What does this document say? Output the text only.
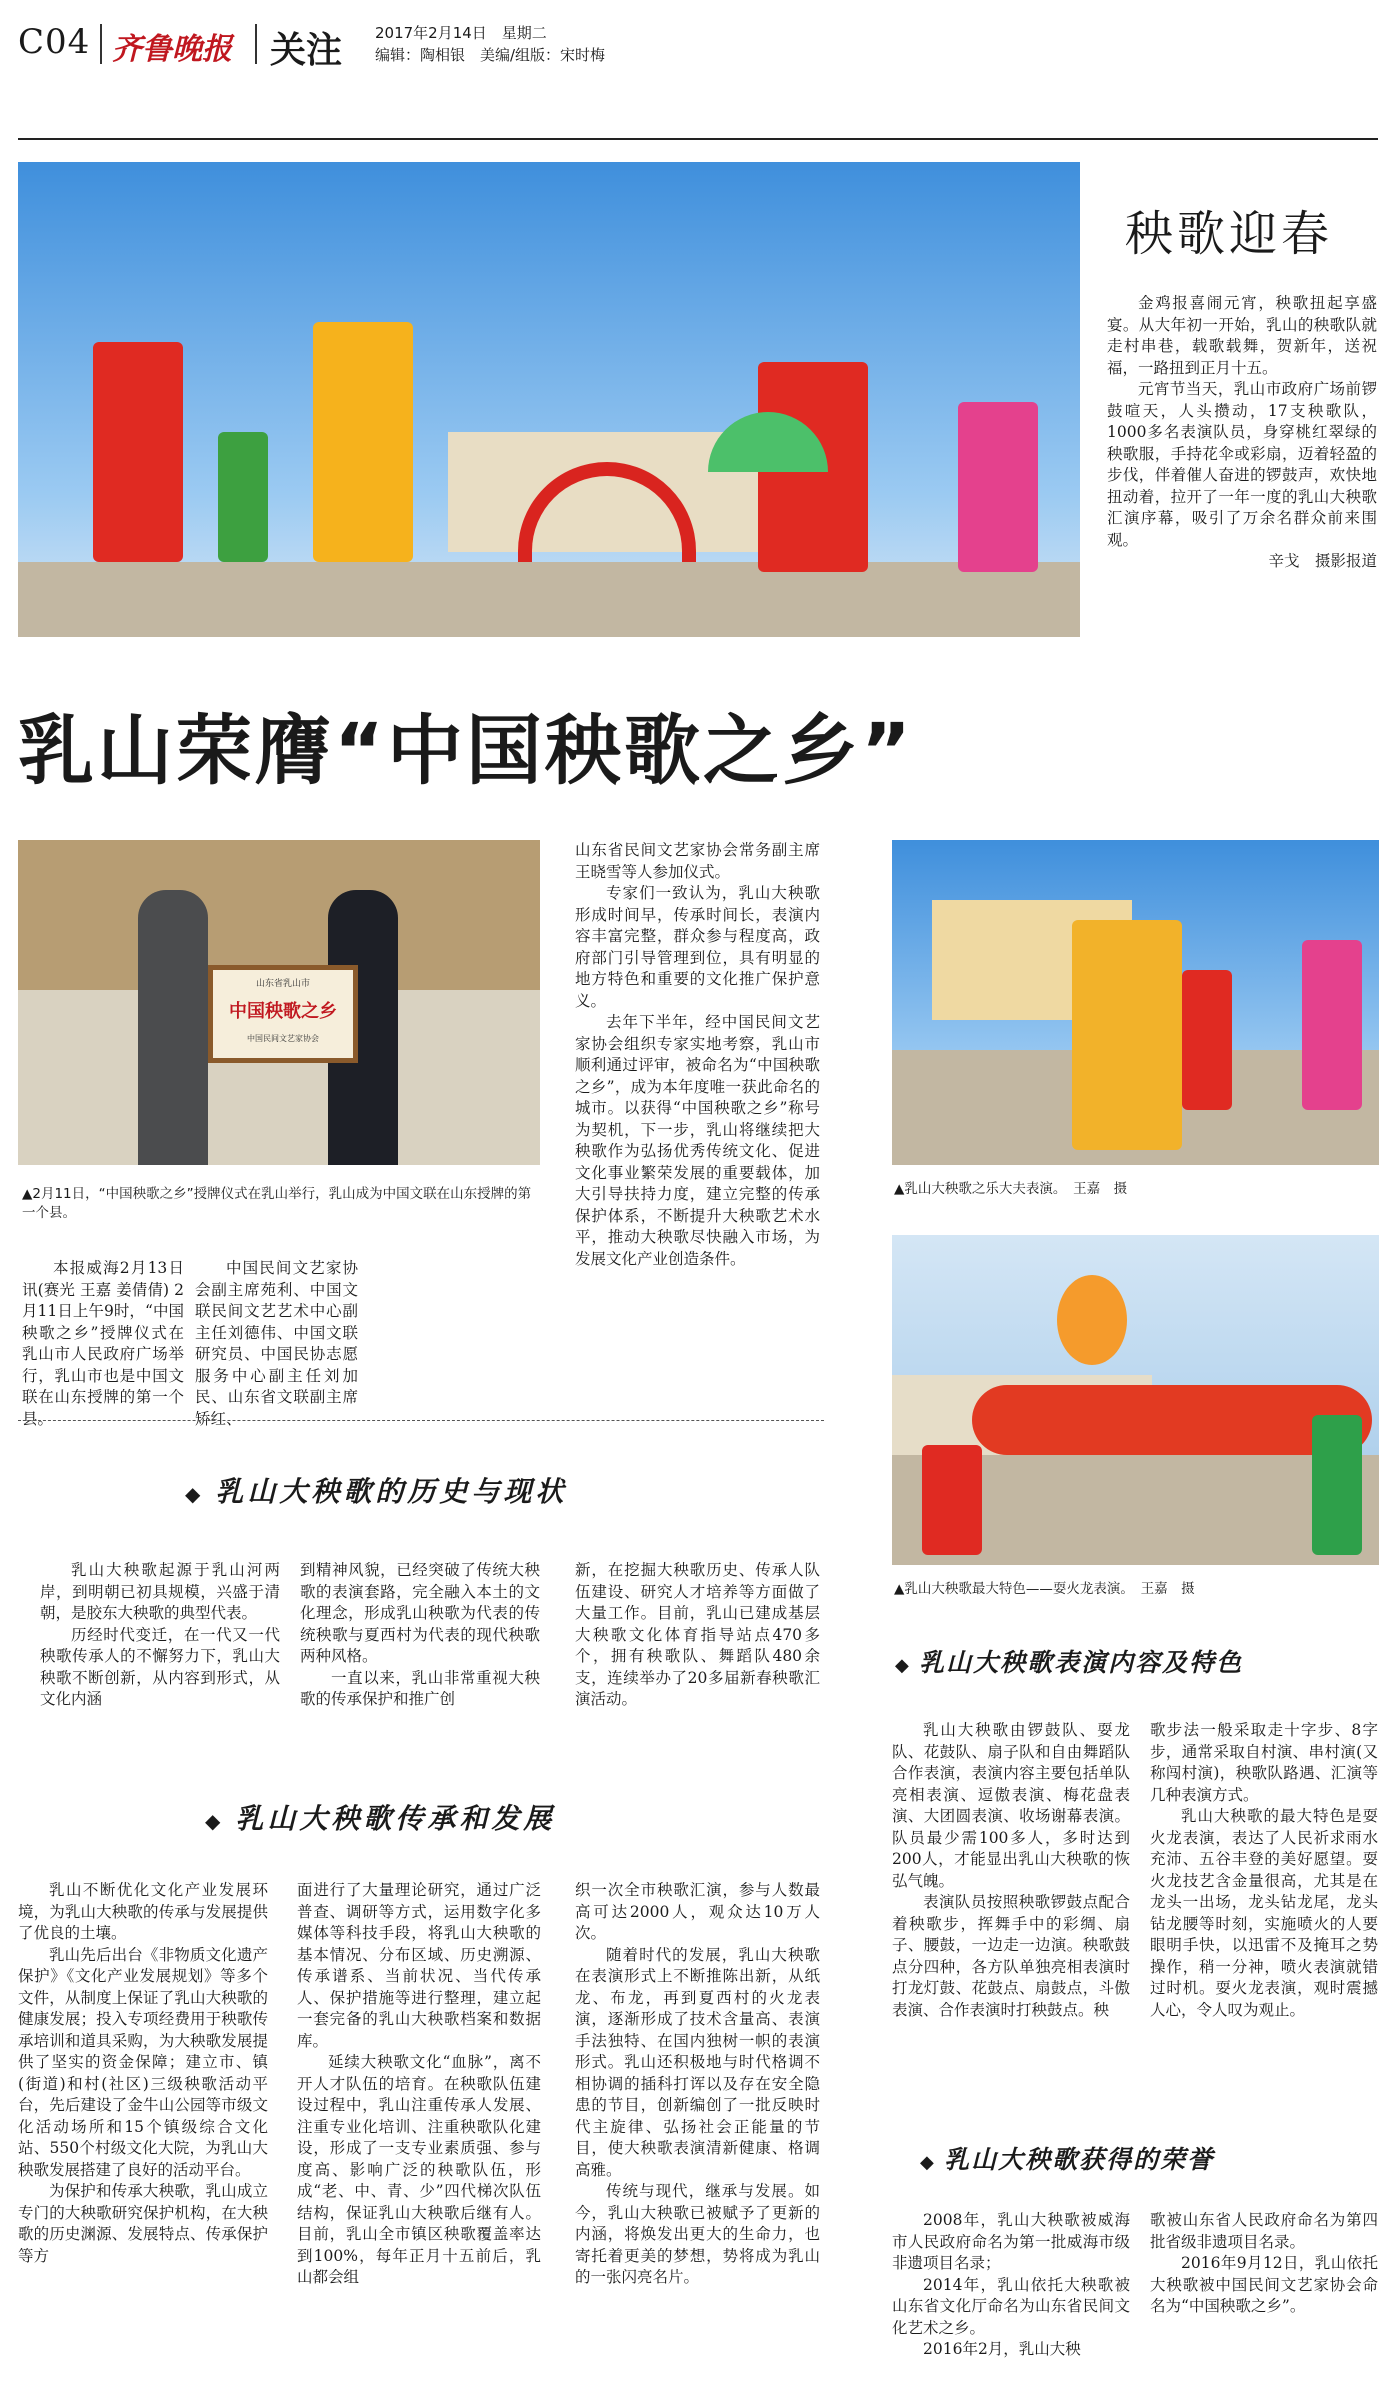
C04 齐鲁晚报 关注 2017年2月14日　星期二
编辑：陶相银　美编/组版：宋时梅
秧歌迎春

金鸡报喜闹元宵，秧歌扭起享盛宴。从大年初一开始，乳山的秧歌队就走村串巷，载歌载舞，贺新年，送祝福，一路扭到正月十五。

元宵节当天，乳山市政府广场前锣鼓喧天，人头攒动，17支秧歌队，1000多名表演队员，身穿桃红翠绿的秧歌服，手持花伞或彩扇，迈着轻盈的步伐，伴着催人奋进的锣鼓声，欢快地扭动着，拉开了一年一度的乳山大秧歌汇演序幕，吸引了万余名群众前来围观。

辛戈　摄影报道
乳山荣膺“中国秧歌之乡”
山东省乳山市
中国秧歌之乡
中国民间文艺家协会
▲2月11日，“中国秧歌之乡”授牌仪式在乳山举行，乳山成为中国文联在山东授牌的第一个县。

本报威海2月13日讯(赛光 王嘉 姜倩倩) 2月11日上午9时，“中国秧歌之乡”授牌仪式在乳山市人民政府广场举行，乳山市也是中国文联在山东授牌的第一个县。

中国民间文艺家协会副主席苑利、中国文联民间文艺艺术中心副主任刘德伟、中国文联研究员、中国民协志愿服务中心副主任刘加民、山东省文联副主席矫红、

山东省民间文艺家协会常务副主席王晓雪等人参加仪式。

专家们一致认为，乳山大秧歌形成时间早，传承时间长，表演内容丰富完整，群众参与程度高，政府部门引导管理到位，具有明显的地方特色和重要的文化推广保护意义。

去年下半年，经中国民间文艺家协会组织专家实地考察，乳山市顺利通过评审，被命名为“中国秧歌之乡”，成为本年度唯一获此命名的城市。以获得“中国秧歌之乡”称号为契机，下一步，乳山将继续把大秧歌作为弘扬优秀传统文化、促进文化事业繁荣发展的重要载体，加大引导扶持力度，建立完整的传承保护体系，不断提升大秧歌艺术水平，推动大秧歌尽快融入市场，为发展文化产业创造条件。

▲乳山大秧歌之乐大夫表演。　王嘉　摄
▲乳山大秧歌最大特色——耍火龙表演。　王嘉　摄
◆ 乳山大秧歌的历史与现状

乳山大秧歌起源于乳山河两岸，到明朝已初具规模，兴盛于清朝，是胶东大秧歌的典型代表。

历经时代变迁，在一代又一代秧歌传承人的不懈努力下，乳山大秧歌不断创新，从内容到形式，从文化内涵

到精神风貌，已经突破了传统大秧歌的表演套路，完全融入本土的文化理念，形成乳山秧歌为代表的传统秧歌与夏西村为代表的现代秧歌两种风格。

一直以来，乳山非常重视大秧歌的传承保护和推广创

新，在挖掘大秧歌历史、传承人队伍建设、研究人才培养等方面做了大量工作。目前，乳山已建成基层大秧歌文化体育指导站点470多个，拥有秧歌队、舞蹈队480余支，连续举办了20多届新春秧歌汇演活动。

◆ 乳山大秧歌传承和发展

乳山不断优化文化产业发展环境，为乳山大秧歌的传承与发展提供了优良的土壤。

乳山先后出台《非物质文化遗产保护》《文化产业发展规划》等多个文件，从制度上保证了乳山大秧歌的健康发展；投入专项经费用于秧歌传承培训和道具采购，为大秧歌发展提供了坚实的资金保障；建立市、镇(街道)和村(社区)三级秧歌活动平台，先后建设了金牛山公园等市级文化活动场所和15个镇级综合文化站、550个村级文化大院，为乳山大秧歌发展搭建了良好的活动平台。

为保护和传承大秧歌，乳山成立专门的大秧歌研究保护机构，在大秧歌的历史渊源、发展特点、传承保护等方

面进行了大量理论研究，通过广泛普查、调研等方式，运用数字化多媒体等科技手段，将乳山大秧歌的基本情况、分布区域、历史溯源、传承谱系、当前状况、当代传承人、保护措施等进行整理，建立起一套完备的乳山大秧歌档案和数据库。

延续大秧歌文化“血脉”，离不开人才队伍的培育。在秧歌队伍建设过程中，乳山注重传承人发展、注重专业化培训、注重秧歌队化建设，形成了一支专业素质强、参与度高、影响广泛的秧歌队伍，形成“老、中、青、少”四代梯次队伍结构，保证乳山大秧歌后继有人。目前，乳山全市镇区秧歌覆盖率达到100%，每年正月十五前后，乳山都会组

织一次全市秧歌汇演，参与人数最高可达2000人，观众达10万人次。

随着时代的发展，乳山大秧歌在表演形式上不断推陈出新，从纸龙、布龙，再到夏西村的火龙表演，逐渐形成了技术含量高、表演手法独特、在国内独树一帜的表演形式。乳山还积极地与时代格调不相协调的插科打诨以及存在安全隐患的节目，创新编创了一批反映时代主旋律、弘扬社会正能量的节目，使大秧歌表演清新健康、格调高雅。

传统与现代，继承与发展。如今，乳山大秧歌已被赋予了更新的内涵，将焕发出更大的生命力，也寄托着更美的梦想，势将成为乳山的一张闪亮名片。

◆ 乳山大秧歌表演内容及特色

乳山大秧歌由锣鼓队、耍龙队、花鼓队、扇子队和自由舞蹈队合作表演，表演内容主要包括单队亮相表演、逗傲表演、梅花盘表演、大团圆表演、收场谢幕表演。队员最少需100多人，多时达到200人，才能显出乳山大秧歌的恢弘气魄。

表演队员按照秧歌锣鼓点配合着秧歌步，挥舞手中的彩绸、扇子、腰鼓，一边走一边演。秧歌鼓点分四种，各方队单独亮相表演时打龙灯鼓、花鼓点、扇鼓点，斗傲表演、合作表演时打秧鼓点。秧

歌步法一般采取走十字步、8字步，通常采取自村演、串村演(又称闯村演)，秧歌队路遇、汇演等几种表演方式。

乳山大秧歌的最大特色是耍火龙表演，表达了人民祈求雨水充沛、五谷丰登的美好愿望。耍火龙技艺含金量很高，尤其是在龙头一出场，龙头钻龙尾，龙头钻龙腰等时刻，实施喷火的人要眼明手快，以迅雷不及掩耳之势操作，稍一分神，喷火表演就错过时机。耍火龙表演，观时震撼人心，令人叹为观止。

◆ 乳山大秧歌获得的荣誉

2008年，乳山大秧歌被威海市人民政府命名为第一批威海市级非遗项目名录；

2014年，乳山依托大秧歌被山东省文化厅命名为山东省民间文化艺术之乡。

2016年2月，乳山大秧

歌被山东省人民政府命名为第四批省级非遗项目名录。

2016年9月12日，乳山依托大秧歌被中国民间文艺家协会命名为“中国秧歌之乡”。
